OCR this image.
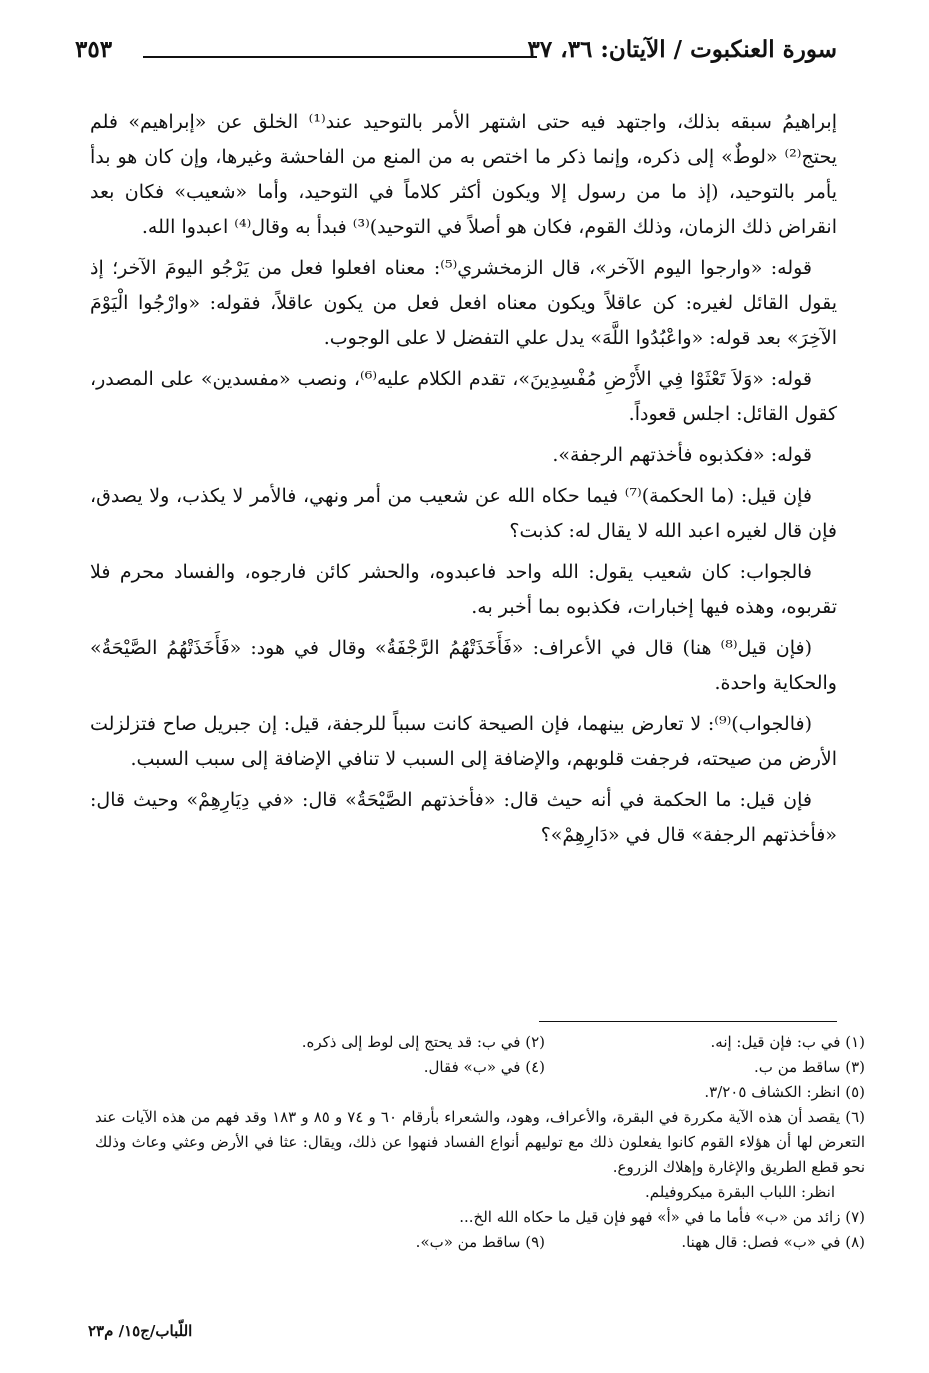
سورة العنكبوت / الآيتان: ٣٦، ٣٧
٣٥٣

إبراهيمُ سبقه بذلك، واجتهد فيه حتى اشتهر الأمر بالتوحيد عند⁽¹⁾ الخلق عن «إبراهيم» فلم يحتج⁽²⁾ «لوطٌ» إلى ذكره، وإنما ذكر ما اختص به من المنع من الفاحشة وغيرها، وإن كان هو بدأ يأمر بالتوحيد، (إذ ما من رسول إلا ويكون أكثر كلاماً في التوحيد، وأما «شعيب» فكان بعد انقراض ذلك الزمان، وذلك القوم، فكان هو أصلاً في التوحيد)⁽³⁾ فبدأ به وقال⁽⁴⁾ اعبدوا الله.

قوله: «وارجوا اليوم الآخر»، قال الزمخشري⁽⁵⁾: معناه افعلوا فعل من يَرْجُو اليومَ الآخر؛ إذ يقول القائل لغيره: كن عاقلاً ويكون معناه افعل فعل من يكون عاقلاً، فقوله: «وارْجُوا الْيَوْمَ الآخِرَ» بعد قوله: «واعْبُدُوا اللَّهَ» يدل علي التفضل لا على الوجوب.

قوله: «وَلاَ تَعْثَوْا فِي الأَرْضِ مُفْسِدِينَ»، تقدم الكلام عليه⁽⁶⁾، ونصب «مفسدين» على المصدر، كقول القائل: اجلس قعوداً.

قوله: «فكذبوه فأخذتهم الرجفة».

فإن قيل: (ما الحكمة)⁽⁷⁾ فيما حكاه الله عن شعيب من أمر ونهي، فالأمر لا يكذب، ولا يصدق، فإن قال لغيره اعبد الله لا يقال له: كذبت؟

فالجواب: كان شعيب يقول: الله واحد فاعبدوه، والحشر كائن فارجوه، والفساد محرم فلا تقربوه، وهذه فيها إخبارات، فكذبوه بما أخبر به.

(فإن قيل⁽⁸⁾ هنا) قال في الأعراف: «فَأَخَذَتْهُمُ الرَّجْفَةُ» وقال في هود: «فَأَخَذَتْهُمُ الصَّيْحَةُ» والحكاية واحدة.

(فالجواب)⁽⁹⁾: لا تعارض بينهما، فإن الصيحة كانت سبباً للرجفة، قيل: إن جبريل صاح فتزلزلت الأرض من صيحته، فرجفت قلوبهم، والإضافة إلى السبب لا تنافي الإضافة إلى سبب السبب.

فإن قيل: ما الحكمة في أنه حيث قال: «فأخذتهم الصَّيْحَةُ» قال: «في دِيَارِهِمْ» وحيث قال: «فأخذتهم الرجفة» قال في «دَارِهِمْ»؟

(١) في ب: فإن قيل: إنه.
(٢) في ب: قد يحتج إلى لوط إلى ذكره.
(٣) ساقط من ب.
(٤) في «ب» فقال.
(٥) انظر: الكشاف ٣/٢٠٥.
(٦) يقصد أن هذه الآية مكررة في البقرة، والأعراف، وهود، والشعراء بأرقام ٦٠ و ٧٤ و ٨٥ و ١٨٣ وقد فهم من هذه الآيات عند التعرض لها أن هؤلاء القوم كانوا يفعلون ذلك مع توليهم أنواع الفساد فنهوا عن ذلك، ويقال: عثا في الأرض وعثي وعاث وذلك نحو قطع الطريق والإغارة وإهلاك الزروع.
انظر: اللباب البقرة ميكروفيلم.
(٧) زائد من «ب» فأما ما في «أ» فهو فإن قيل ما حكاه الله الخ...
(٨) في «ب» فصل: قال ههنا.
(٩) ساقط من «ب».
اللّباب/ج١٥/ م٢٣
